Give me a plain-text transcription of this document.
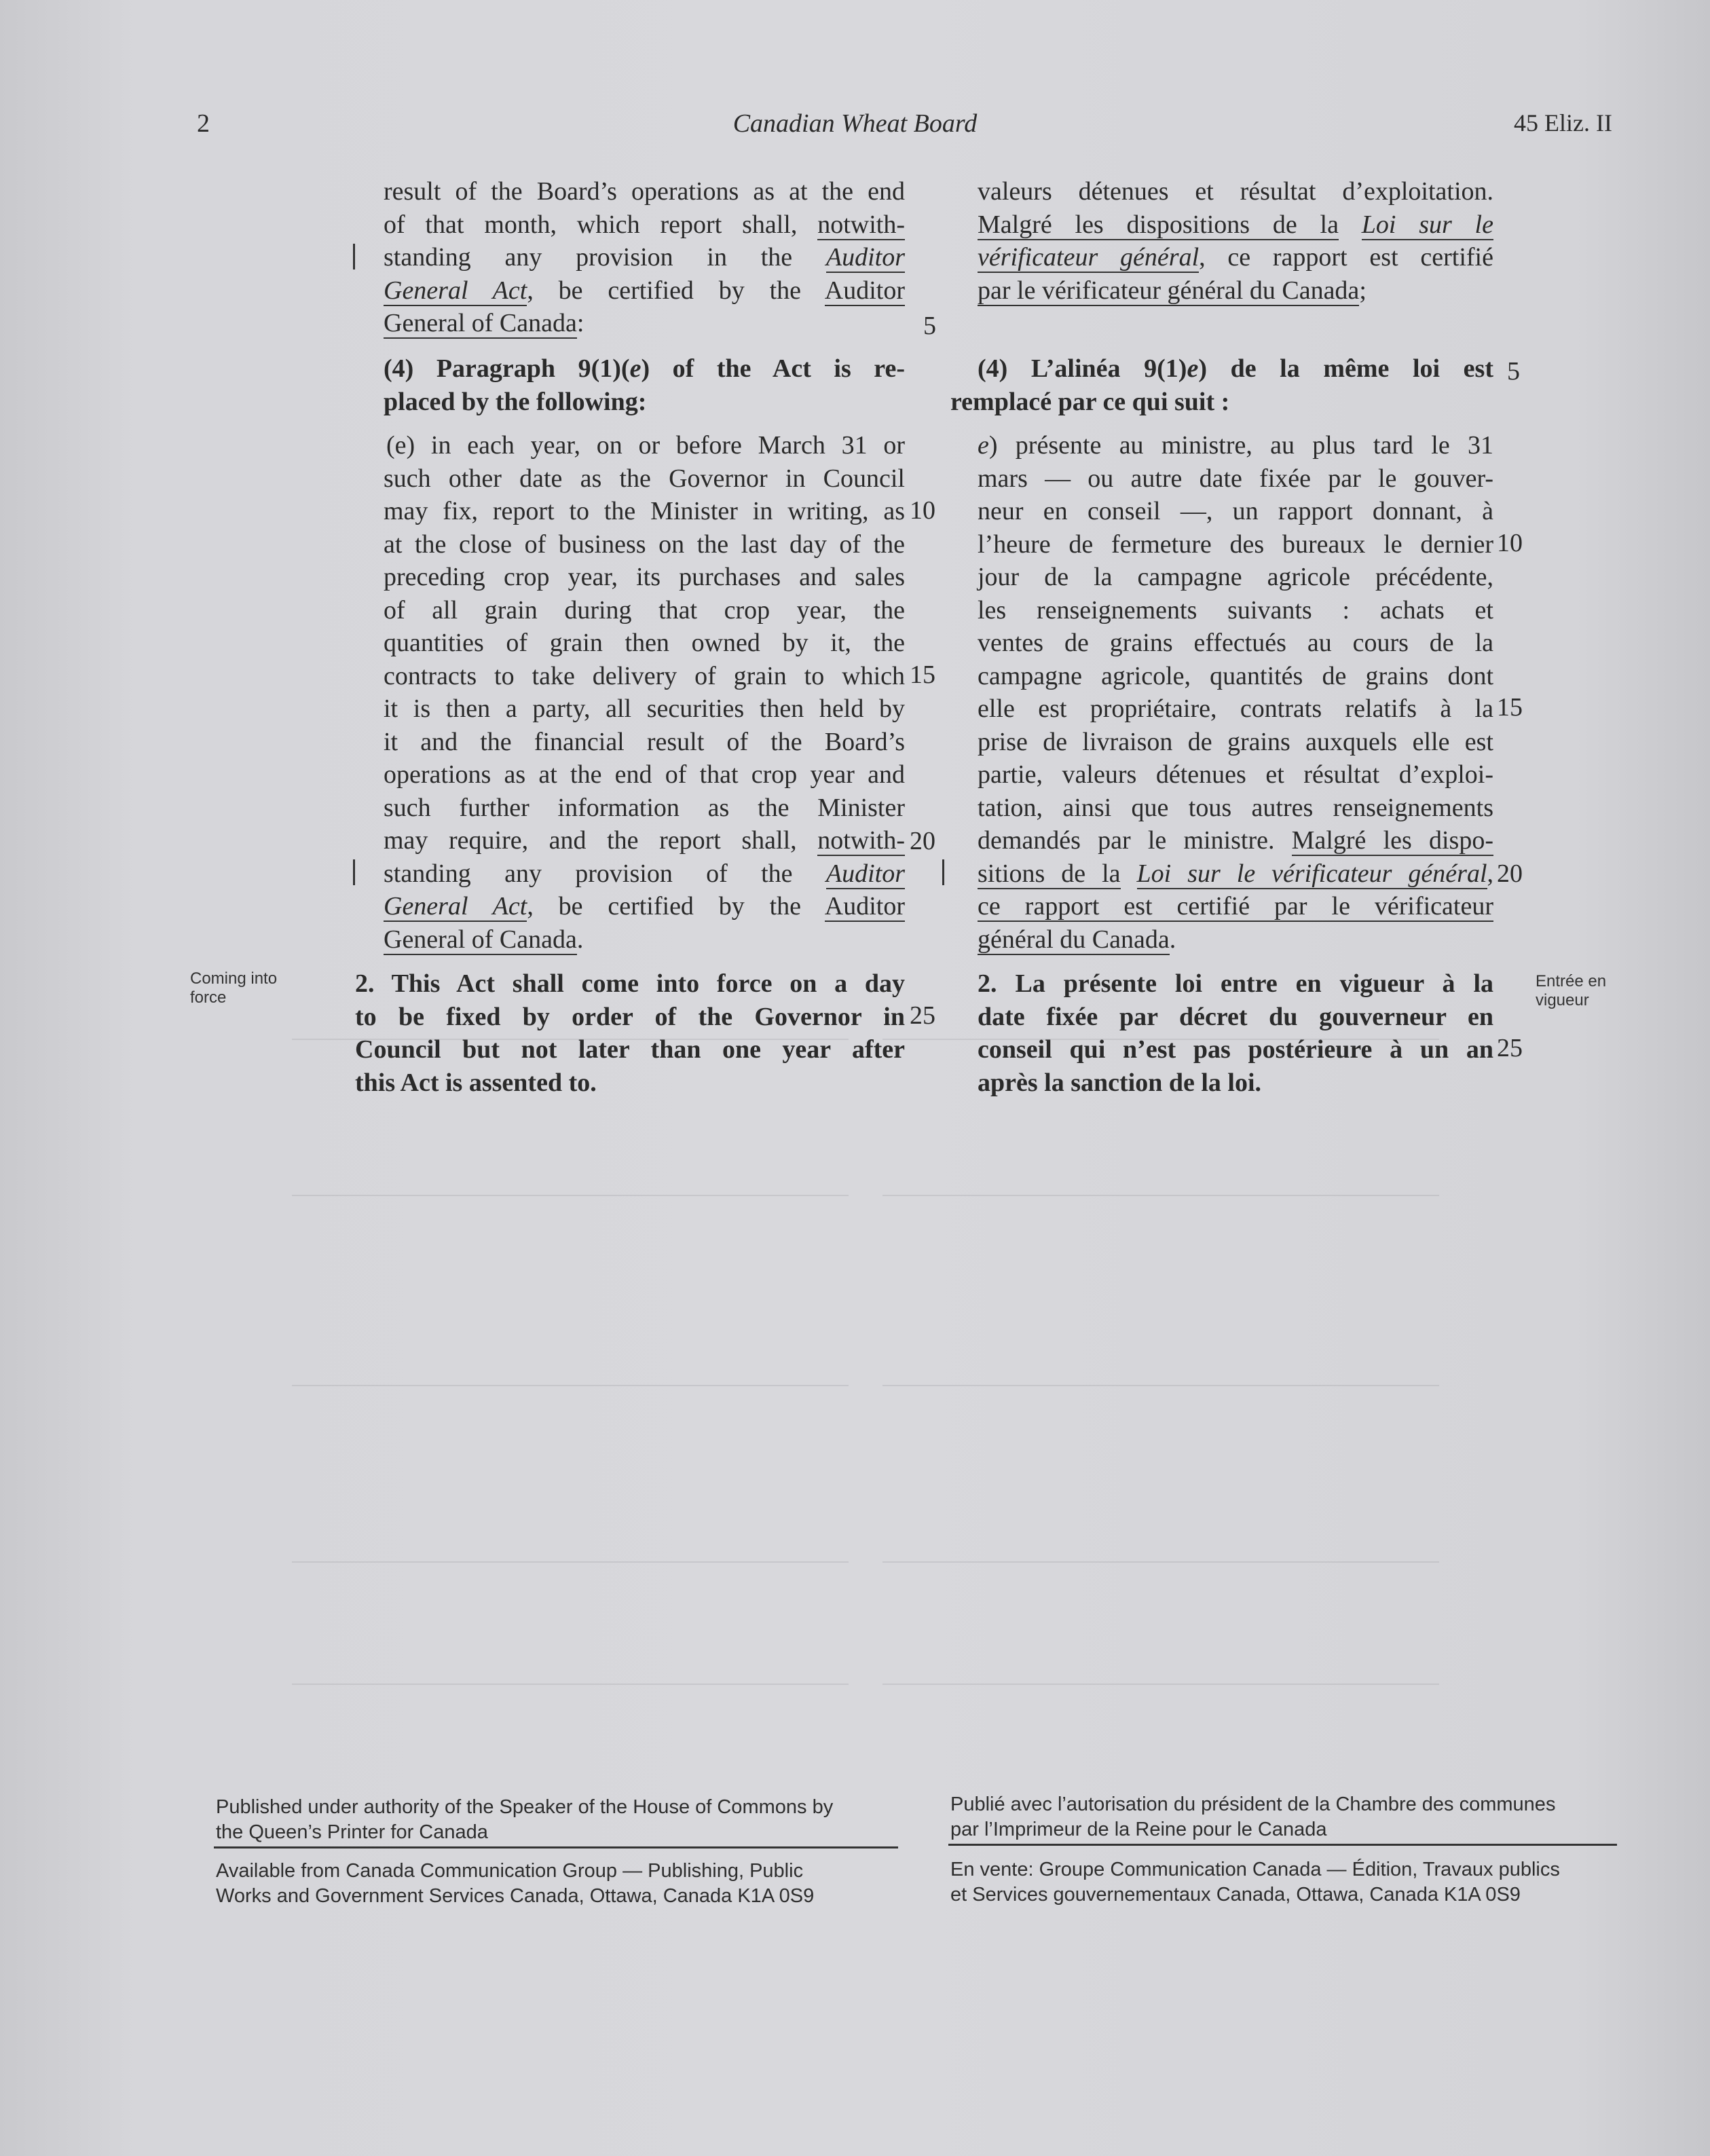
2	Canadian Wheat Board	45 Eliz. II
result of the Board’s operations as at the end
of that month, which report shall, notwith-
standing any provision in the Auditor
General Act, be certified by the Auditor
General of Canada:
(4) Paragraph 9(1)(e) of the Act is re-
placed by the following:
(e) in each year, on or before March 31 or
such other date as the Governor in Council
may fix, report to the Minister in writing, as
at the close of business on the last day of the
preceding crop year, its purchases and sales
of all grain during that crop year, the
quantities of grain then owned by it, the
contracts to take delivery of grain to which
it is then a party, all securities then held by
it and the financial result of the Board’s
operations as at the end of that crop year and
such further information as the Minister
may require, and the report shall, notwith-
standing any provision of the Auditor
General Act, be certified by the Auditor
General of Canada.
2. This Act shall come into force on a day
to be fixed by order of the Governor in
Council but not later than one year after
this Act is assented to.
5
5
10
10
15
15
20
20
25
25
valeurs détenues et résultat d’exploitation.
Malgré les dispositions de la Loi sur le
vérificateur général, ce rapport est certifié
par le vérificateur général du Canada;
(4) L’alinéa 9(1)e) de la même loi est
remplacé par ce qui suit :
e) présente au ministre, au plus tard le 31
mars — ou autre date fixée par le gouver-
neur en conseil —, un rapport donnant, à
l’heure de fermeture des bureaux le dernier
jour de la campagne agricole précédente,
les renseignements suivants : achats et
ventes de grains effectués au cours de la
campagne agricole, quantités de grains dont
elle est propriétaire, contrats relatifs à la
prise de livraison de grains auxquels elle est
partie, valeurs détenues et résultat d’exploi-
tation, ainsi que tous autres renseignements
demandés par le ministre. Malgré les dispo-
sitions de la Loi sur le vérificateur général,
ce rapport est certifié par le vérificateur
général du Canada.
2. La présente loi entre en vigueur à la
date fixée par décret du gouverneur en
conseil qui n’est pas postérieure à un an
après la sanction de la loi.
Coming into
force
Entrée en
vigueur
Published under authority of the Speaker of the House of Commons by
the Queen’s Printer for Canada
Available from Canada Communication Group — Publishing, Public
Works and Government Services Canada, Ottawa, Canada K1A 0S9
Publié avec l’autorisation du président de la Chambre des communes
par l’Imprimeur de la Reine pour le Canada
En vente: Groupe Communication Canada — Édition, Travaux publics
et Services gouvernementaux Canada, Ottawa, Canada K1A 0S9
